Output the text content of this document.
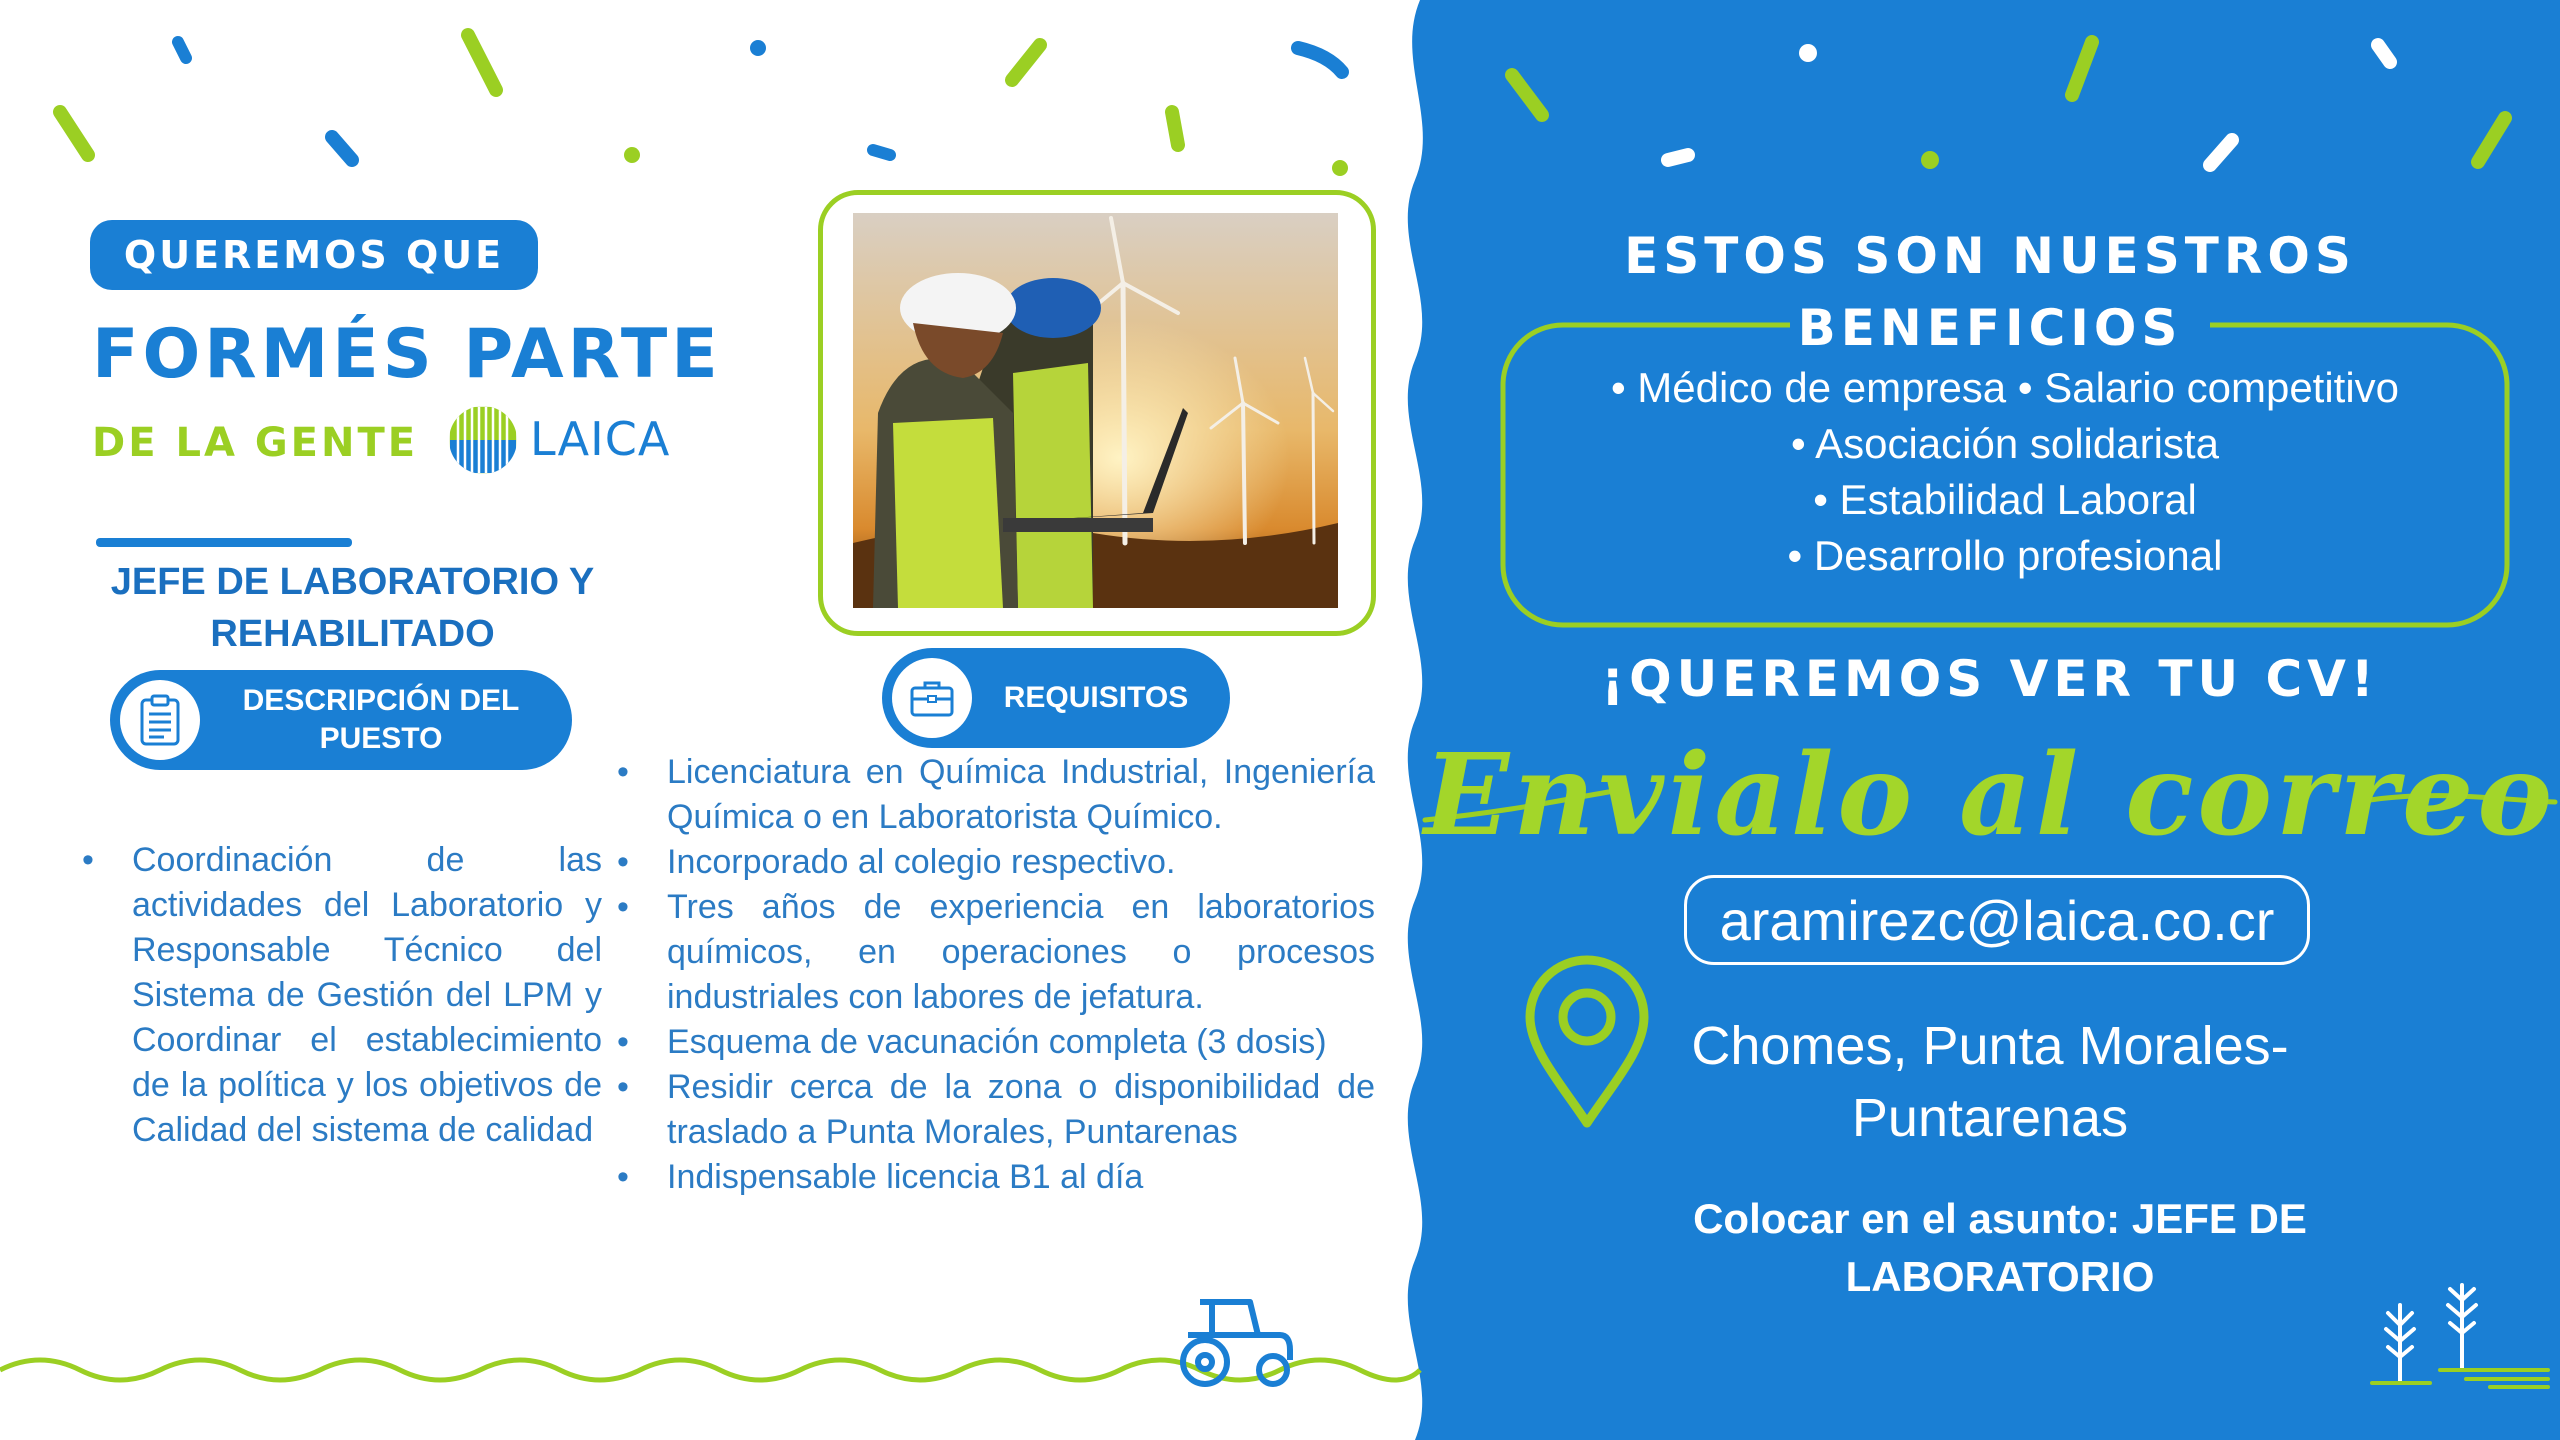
QUEREMOS QUE
FORMÉS PARTE
DE LA GENTE LAICA
JEFE DE LABORATORIO Y REHABILITADO
DESCRIPCIÓN DEL PUESTO
REQUISITOS
• Coordinación de las actividades del Laboratorio y Responsable Técnico del Sistema de Gestión del LPM y Coordinar el establecimiento de la política y los objetivos de Calidad del sistema de calidad
• Licenciatura en Química Industrial, Ingeniería Química o en Laboratorista Químico.
• Incorporado al colegio respectivo.
• Tres años de experiencia en laboratorios químicos, en operaciones o procesos industriales con labores de jefatura.
• Esquema de vacunación completa (3 dosis)
• Residir cerca de la zona o disponibilidad de traslado a Punta Morales, Puntarenas
• Indispensable licencia B1 al día
ESTOS SON NUESTROS
BENEFICIOS
• Médico de empresa • Salario competitivo
• Asociación solidarista
• Estabilidad Laboral
• Desarrollo profesional
¡QUEREMOS VER TU CV!
Envialo al correo
aramirezc@laica.co.cr
Chomes, Punta Morales-Puntarenas
Colocar en el asunto: JEFE DE LABORATORIO
